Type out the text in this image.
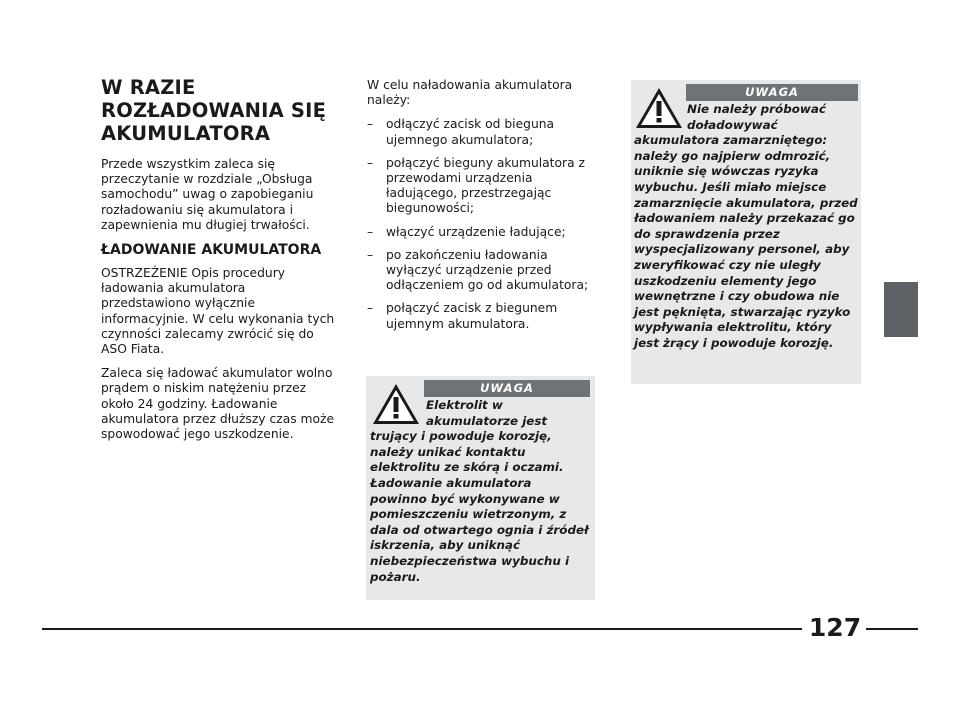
W RAZIE ROZŁADOWANIA SIĘ AKUMULATORA

Przede wszystkim zaleca się przeczytanie w rozdziale „Obsługa samochodu” uwag o zapobieganiu rozładowaniu się akumulatora i zapewnienia mu długiej trwałości.

ŁADOWANIE AKUMULATORA

OSTRZEŻENIE Opis procedury ładowania akumulatora przedstawiono wyłącznie informacyjnie. W celu wykonania tych czynności zalecamy zwrócić się do ASO Fiata.

Zaleca się ładować akumulator wolno prądem o niskim natężeniu przez około 24 godziny. Ładowanie akumulatora przez dłuższy czas może spowodować jego uszkodzenie.

W celu naładowania akumulatora należy:

– odłączyć zacisk od bieguna ujemnego akumulatora;
– połączyć bieguny akumulatora z przewodami urządzenia ładującego, przestrzegając biegunowości;
– włączyć urządzenie ładujące;
– po zakończeniu ładowania wyłączyć urządzenie przed odłączeniem go od akumulatora;
– połączyć zacisk z biegunem ujemnym akumulatora.
UWAGA
Elektrolit w akumulatorze jest
trujący i powoduje korozję, należy unikać kontaktu elektrolitu ze skórą i oczami. Ładowanie akumulatora powinno być wykonywane w pomieszczeniu wietrzonym, z dala od otwartego ognia i źródeł iskrzenia, aby uniknąć niebezpieczeństwa wybuchu i pożaru.
UWAGA
Nie należy próbować doładowywać
akumulatora zamarzniętego: należy go najpierw odmrozić, uniknie się wówczas ryzyka wybuchu. Jeśli miało miejsce zamarznięcie akumulatora, przed ładowaniem należy przekazać go do sprawdzenia przez wyspecjalizowany personel, aby zweryfikować czy nie uległy uszkodzeniu elementy jego wewnętrzne i czy obudowa nie jest pęknięta, stwarzając ryzyko wypływania elektrolitu, który jest żrący i powoduje korozję.
127
